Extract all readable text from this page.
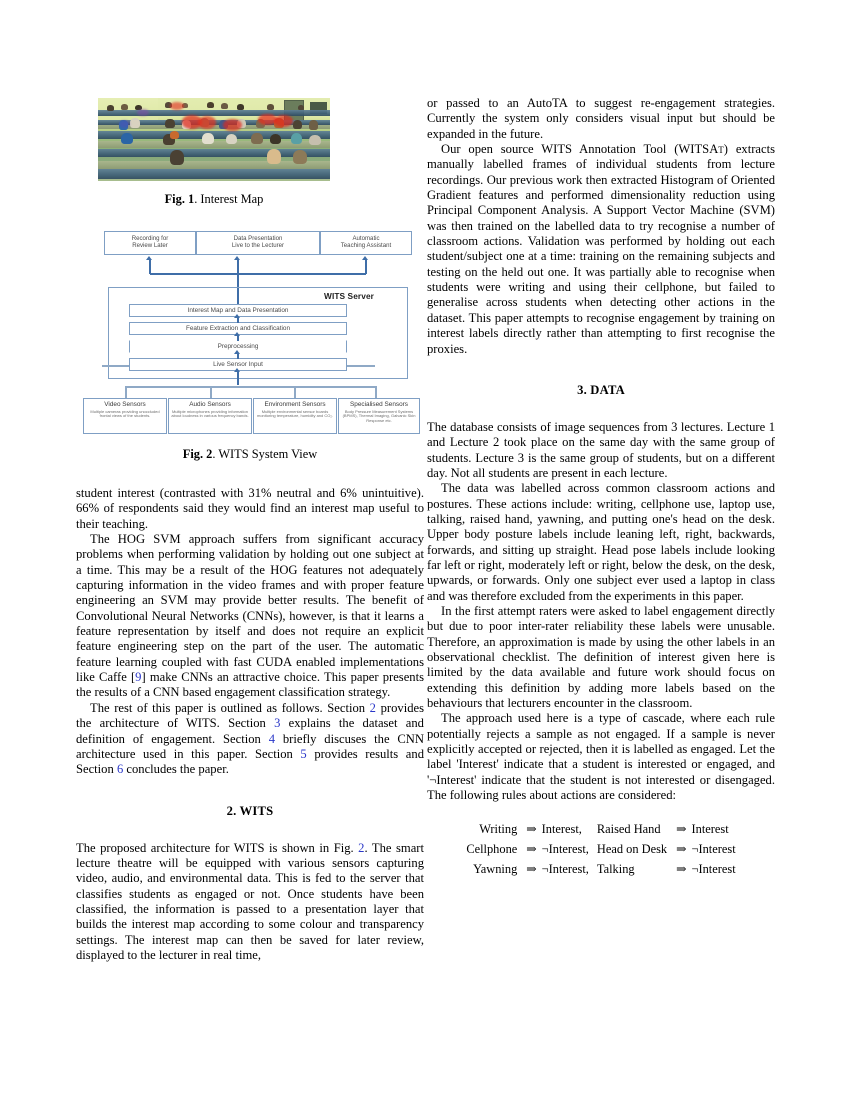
Fig. 1. Interest Map
Recording for
Review Later
Data Presentation
Live to the Lecturer
Automatic
Teaching Assistant
WITS Server
Interest Map and Data Presentation
Feature Extraction and Classification
Preprocessing
Live Sensor Input
Video Sensors
Multiple cameras providing unoccluded frontal views of the students.
Audio Sensors
Multiple microphones providing information about loudness in various frequency bands.
Environment Sensors
Multiple environmental sensor boards monitoring temperature, humidity and CO₂.
Specialised Sensors
Body Pressure Measurement Systems (BPMS), Thermal Imaging, Galvanic Skin Response etc.
Fig. 2. WITS System View

student interest (contrasted with 31% neutral and 6% unintuitive). 66% of respondents said they would find an interest map useful to their teaching.

The HOG SVM approach suffers from significant accuracy problems when performing validation by holding out one subject at a time. This may be a result of the HOG features not adequately capturing information in the video frames and with proper feature engineering an SVM may provide better results. The benefit of Convolutional Neural Networks (CNNs), however, is that it learns a feature representation by itself and does not require an explicit feature engineering step on the part of the user. The automatic feature learning coupled with fast CUDA enabled implementations like Caffe [9] make CNNs an attractive choice. This paper presents the results of a CNN based engagement classification strategy.

The rest of this paper is outlined as follows. Section 2 provides the architecture of WITS. Section 3 explains the dataset and definition of engagement. Section 4 briefly discuses the CNN architecture used in this paper. Section 5 provides results and Section 6 concludes the paper.

2. WITS

The proposed architecture for WITS is shown in Fig. 2. The smart lecture theatre will be equipped with various sensors capturing video, audio, and environmental data. This is fed to the server that classifies students as engaged or not. Once students have been classified, the information is passed to a presentation layer that builds the interest map according to some colour and transparency settings. The interest map can then be saved for later review, displayed to the lecturer in real time,

or passed to an AutoTA to suggest re-engagement strategies. Currently the system only considers visual input but should be expanded in the future.

Our open source WITS Annotation Tool (WITSAt) extracts manually labelled frames of individual students from lecture recordings. Our previous work then extracted Histogram of Oriented Gradient features and performed dimensionality reduction using Principal Component Analysis. A Support Vector Machine (SVM) was then trained on the labelled data to try recognise a number of classroom actions. Validation was performed by holding out each student/subject one at a time: training on the remaining subjects and testing on the held out one. It was partially able to recognise when students were writing and using their cellphone, but failed to generalise across students when detecting other actions in the dataset. This paper attempts to recognise engagement by training on interest labels directly rather than attempting to first recognise the proxies.

3. DATA

The database consists of image sequences from 3 lectures. Lecture 1 and Lecture 2 took place on the same day with the same group of students. Lecture 3 is the same group of students, but on a different day. Not all students are present in each lecture.

The data was labelled across common classroom actions and postures. These actions include: writing, cellphone use, laptop use, talking, raised hand, yawning, and putting one's head on the desk. Upper body posture labels include leaning left, right, backwards, forwards, and sitting up straight. Head pose labels include looking far left or right, moderately left or right, below the desk, on the desk, upwards, or forwards. Only one subject ever used a laptop in class and was therefore excluded from the experiments in this paper.

In the first attempt raters were asked to label engagement directly but due to poor inter-rater reliability these labels were unusable. Therefore, an approximation is made by using the other labels in an observational checklist. The definition of interest given here is limited by the data available and future work should focus on extending this definition by adding more labels based on the behaviours that lecturers encounter in the classroom.

The approach used here is a type of cascade, where each rule potentially rejects a sample as not engaged. If a sample is never explicitly accepted or rejected, then it is labelled as engaged. Let the label 'Interest' indicate that a student is interested or engaged, and '¬Interest' indicate that the student is not interested or disengaged. The following rules about actions are considered:

Writing	⇒	Interest,	Raised Hand	⇒	Interest
Cellphone	⇒	¬Interest,	Head on Desk	⇒	¬Interest
Yawning	⇒	¬Interest,	Talking	⇒	¬Interest
